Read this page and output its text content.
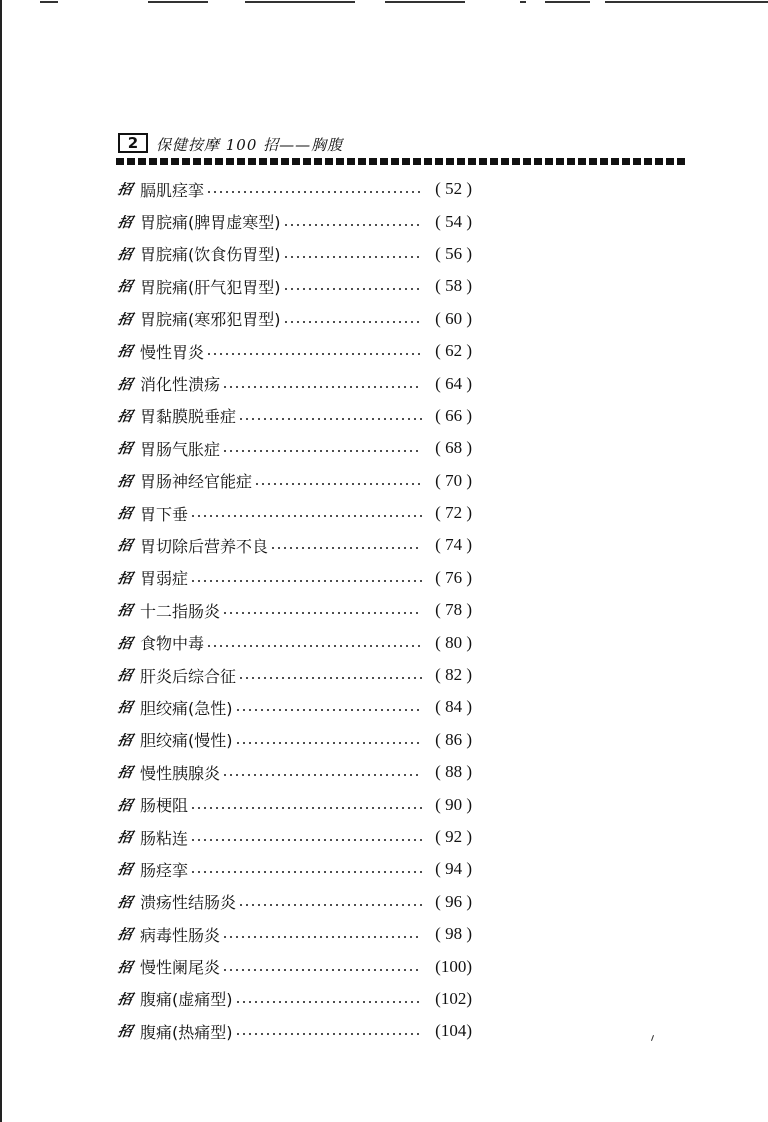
2	保健按摩 100 招——胸腹
招 膈肌痉挛	( 52 )
招 胃脘痛(脾胃虚寒型)	( 54 )
招 胃脘痛(饮食伤胃型)	( 56 )
招 胃脘痛(肝气犯胃型)	( 58 )
招 胃脘痛(寒邪犯胃型)	( 60 )
招 慢性胃炎	( 62 )
招 消化性溃疡	( 64 )
招 胃黏膜脱垂症	( 66 )
招 胃肠气胀症	( 68 )
招 胃肠神经官能症	( 70 )
招 胃下垂	( 72 )
招 胃切除后营养不良	( 74 )
招 胃弱症	( 76 )
招 十二指肠炎	( 78 )
招 食物中毒	( 80 )
招 肝炎后综合征	( 82 )
招 胆绞痛(急性)	( 84 )
招 胆绞痛(慢性)	( 86 )
招 慢性胰腺炎	( 88 )
招 肠梗阻	( 90 )
招 肠粘连	( 92 )
招 肠痉挛	( 94 )
招 溃疡性结肠炎	( 96 )
招 病毒性肠炎	( 98 )
招 慢性阑尾炎	(100)
招 腹痛(虚痛型)	(102)
招 腹痛(热痛型)	(104)
